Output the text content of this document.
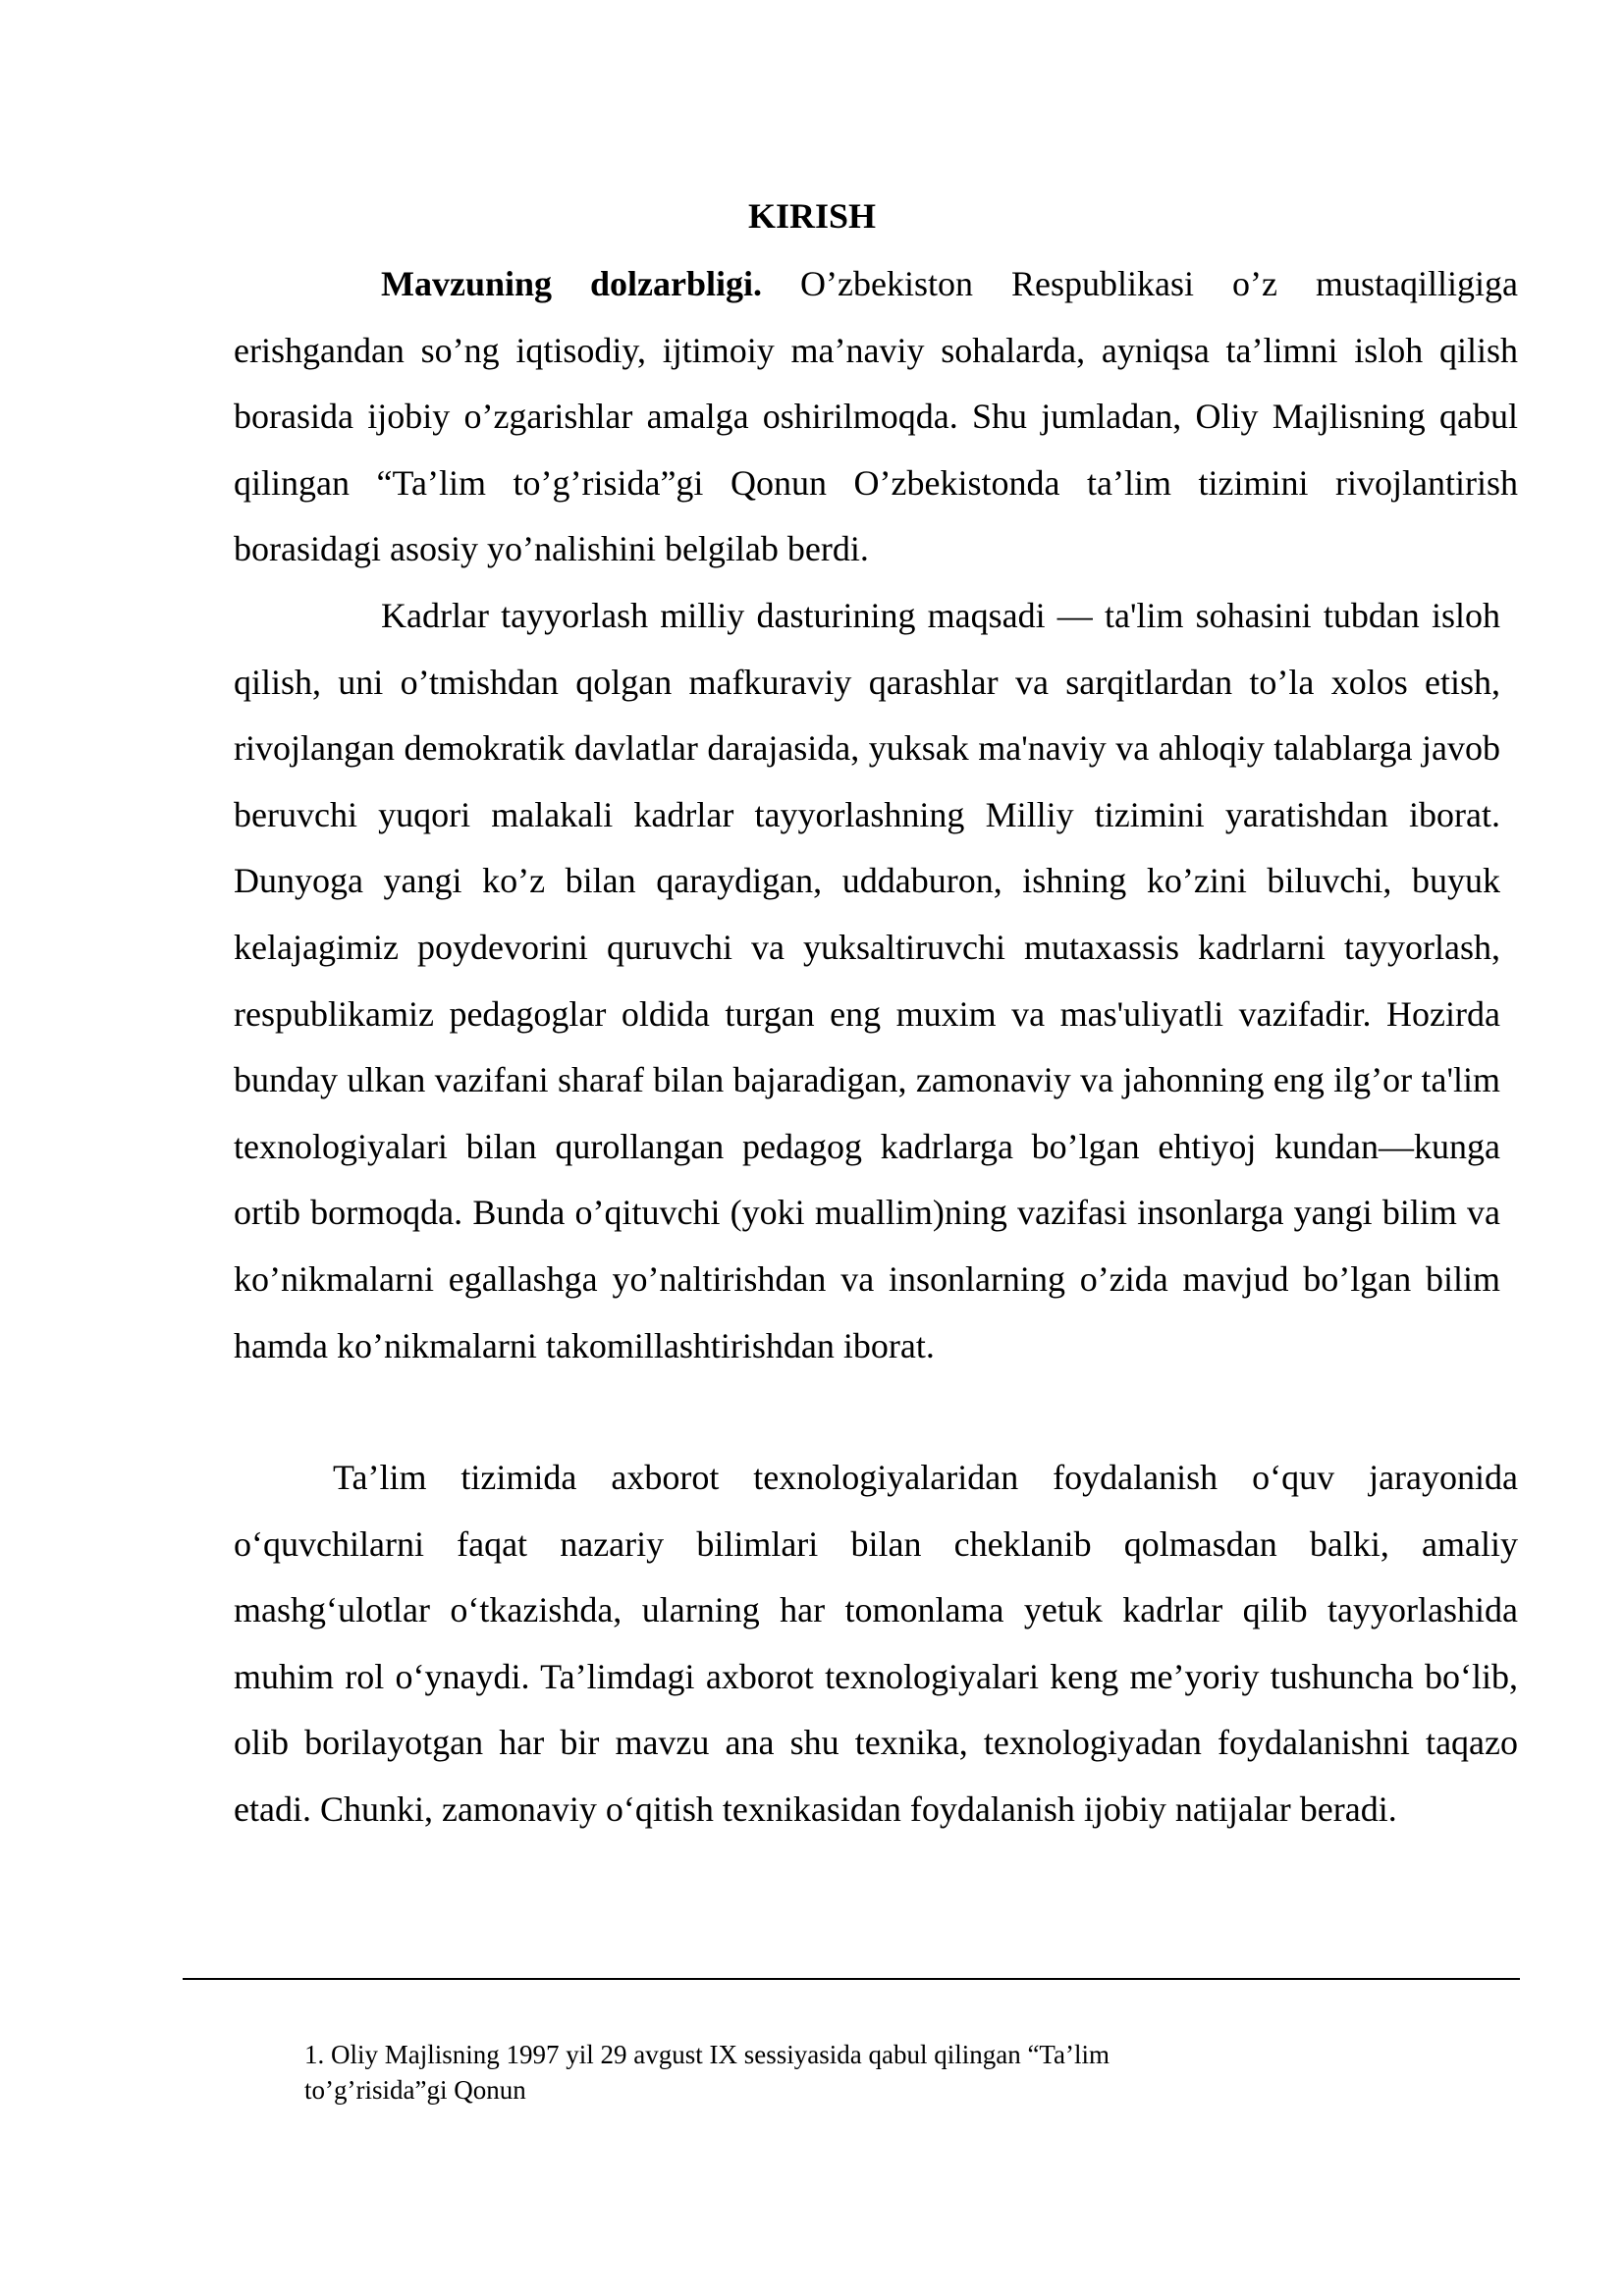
KIRISH

Mavzuning dolzarbligi. O’zbekiston Respublikasi o’z mustaqilligiga erishgandan so’ng iqtisodiy, ijtimoiy ma’naviy sohalarda, ayniqsa ta’limni isloh qilish borasida ijobiy o’zgarishlar amalga oshirilmoqda. Shu jumladan, Oliy Majlisning qabul qilingan “Ta’lim to’g’risida”gi Qonun O’zbekistonda ta’lim tizimini rivojlantirish borasidagi asosiy yo’nalishini belgilab berdi.

Kadrlar tayyorlash milliy dasturining maqsadi — ta'lim sohasini tubdan isloh qilish, uni o’tmishdan qolgan mafkuraviy qarashlar va sarqitlardan to’la xolos etish, rivojlangan demokratik davlatlar darajasida, yuksak ma'naviy va ahloqiy talablarga javob beruvchi yuqori malakali kadrlar tayyorlashning Milliy tizimini yaratishdan iborat. Dunyoga yangi ko’z bilan qaraydigan, uddaburon, ishning ko’zini biluvchi, buyuk kelajagimiz poydevorini quruvchi va yuksaltiruvchi mutaxassis kadrlarni tayyorlash, respublikamiz pedagoglar oldida turgan eng muxim va mas'uliyatli vazifadir. Hozirda bunday ulkan vazifani sharaf bilan bajaradigan, zamonaviy va jahonning eng ilg’or ta'lim texnologiyalari bilan qurollangan pedagog kadrlarga bo’lgan ehtiyoj kundan—kunga ortib bormoqda. Bunda o’qituvchi (yoki muallim)ning vazifasi insonlarga yangi bilim va ko’nikmalarni egallashga yo’naltirishdan va insonlarning o’zida mavjud bo’lgan bilim hamda ko’nikmalarni takomillashtirishdan iborat.

Ta’lim tizimida axborot texnologiyalaridan foydalanish o‘quv jarayonida o‘quvchilarni faqat nazariy bilimlari bilan cheklanib qolmasdan balki, amaliy mashg‘ulotlar o‘tkazishda, ularning har tomonlama yetuk kadrlar qilib tayyorlashida muhim rol o‘ynaydi. Ta’limdagi axborot texnologiyalari keng me’yoriy tushuncha bo‘lib, olib borilayotgan har bir mavzu ana shu texnika, texnologiyadan foydalanishni taqazo etadi. Chunki, zamonaviy o‘qitish texnikasidan foydalanish ijobiy natijalar beradi.

1. Oliy Majlisning 1997 yil 29 avgust IX sessiyasida qabul qilingan “Ta’lim to’g’risida”gi Qonun
